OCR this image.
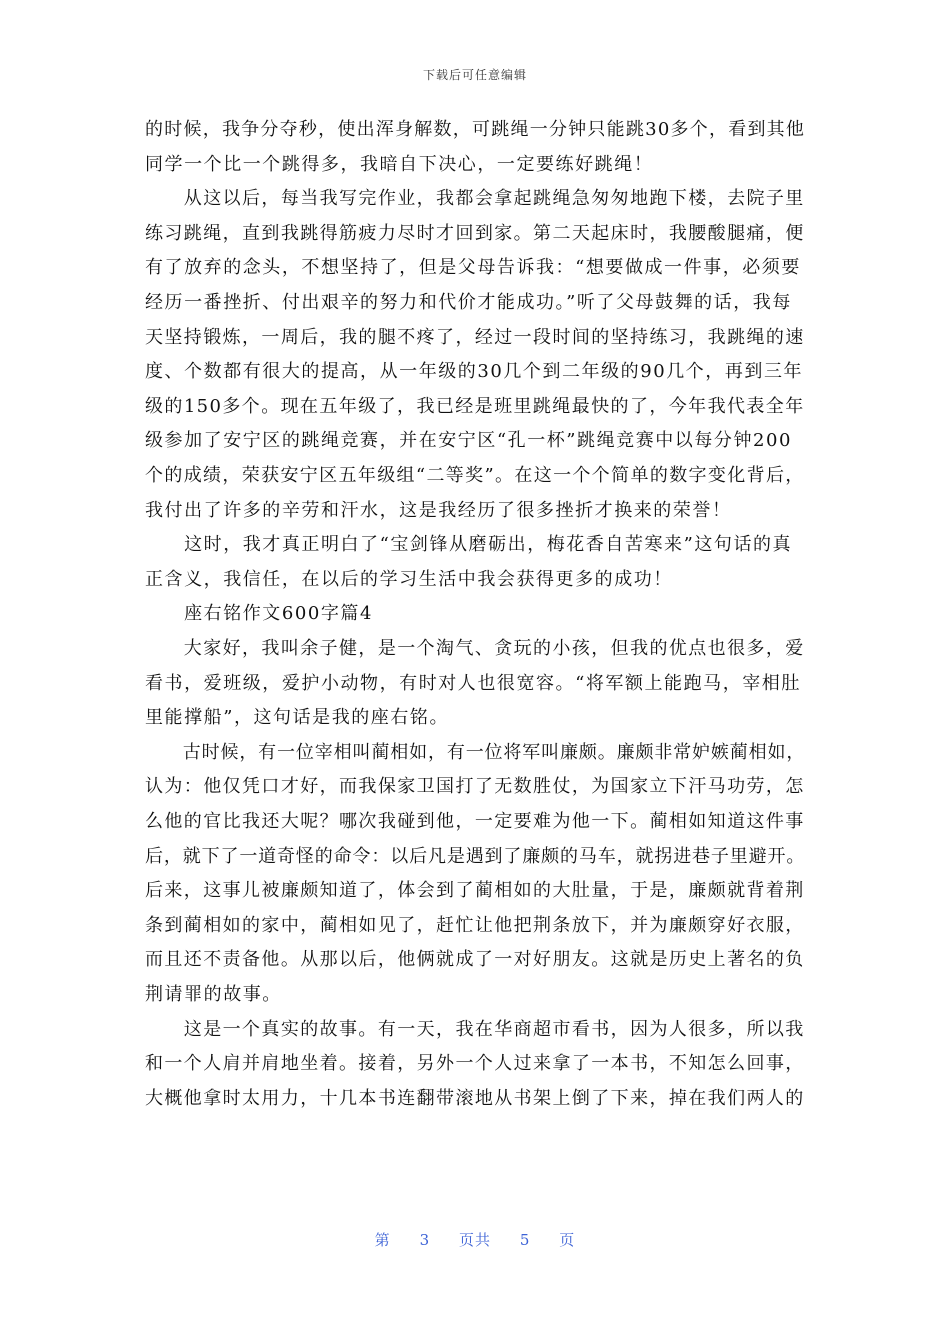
下载后可任意编辑
的时候，我争分夺秒，使出浑身解数，可跳绳一分钟只能跳30多个，看到其他
同学一个比一个跳得多，我暗自下决心，一定要练好跳绳！
　　从这以后，每当我写完作业，我都会拿起跳绳急匆匆地跑下楼，去院子里
练习跳绳，直到我跳得筋疲力尽时才回到家。第二天起床时，我腰酸腿痛，便
有了放弃的念头，不想坚持了，但是父母告诉我：“想要做成一件事，必须要
经历一番挫折、付出艰辛的努力和代价才能成功。”听了父母鼓舞的话，我每
天坚持锻炼，一周后，我的腿不疼了，经过一段时间的坚持练习，我跳绳的速
度、个数都有很大的提高，从一年级的30几个到二年级的90几个，再到三年
级的150多个。现在五年级了，我已经是班里跳绳最快的了，今年我代表全年
级参加了安宁区的跳绳竞赛，并在安宁区“孔一杯”跳绳竞赛中以每分钟200
个的成绩，荣获安宁区五年级组“二等奖”。在这一个个简单的数字变化背后，
我付出了许多的辛劳和汗水，这是我经历了很多挫折才换来的荣誉！
　　这时，我才真正明白了“宝剑锋从磨砺出，梅花香自苦寒来”这句话的真
正含义，我信任，在以后的学习生活中我会获得更多的成功！
　　座右铭作文600字篇4
　　大家好，我叫余子健，是一个淘气、贪玩的小孩，但我的优点也很多，爱
看书，爱班级，爱护小动物，有时对人也很宽容。“将军额上能跑马，宰相肚
里能撑船”，这句话是我的座右铭。
　　古时候，有一位宰相叫蔺相如，有一位将军叫廉颇。廉颇非常妒嫉蔺相如，
认为：他仅凭口才好，而我保家卫国打了无数胜仗，为国家立下汗马功劳，怎
么他的官比我还大呢？哪次我碰到他，一定要难为他一下。蔺相如知道这件事
后，就下了一道奇怪的命令：以后凡是遇到了廉颇的马车，就拐进巷子里避开。
后来，这事儿被廉颇知道了，体会到了蔺相如的大肚量，于是，廉颇就背着荆
条到蔺相如的家中，蔺相如见了，赶忙让他把荆条放下，并为廉颇穿好衣服，
而且还不责备他。从那以后，他俩就成了一对好朋友。这就是历史上著名的负
荆请罪的故事。
　　这是一个真实的故事。有一天，我在华商超市看书，因为人很多，所以我
和一个人肩并肩地坐着。接着，另外一个人过来拿了一本书，不知怎么回事，
大概他拿时太用力，十几本书连翻带滚地从书架上倒了下来，掉在我们两人的
第 3 页共 5 页
